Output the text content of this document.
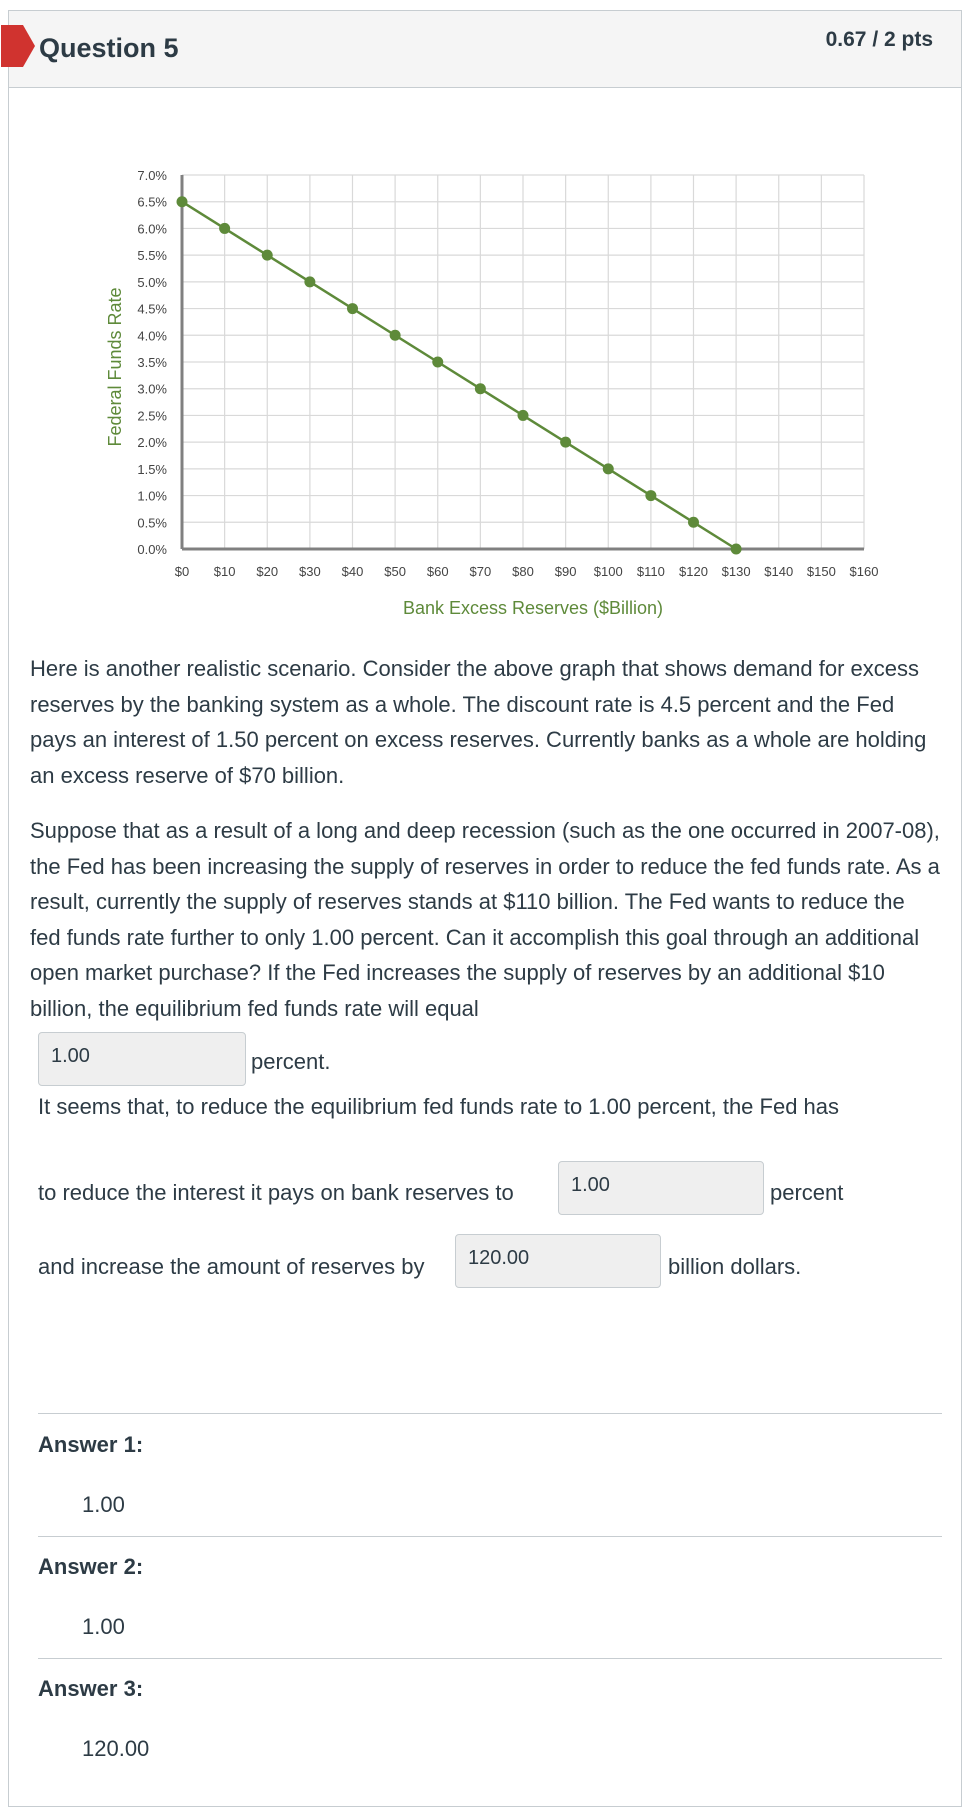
Question 5	0.67 / 2 pts
0.0%
0.5%
1.0%
1.5%
2.0%
2.5%
3.0%
3.5%
4.0%
4.5%
5.0%
5.5%
6.0%
6.5%
7.0%
$0 $10 $20 $30 $40 $50 $60 $70 $80 $90 $100 $110 $120 $130 $140 $150 $160
Bank Excess Reserves ($Billion)
Federal Funds Rate

Here is another realistic scenario. Consider the above graph that shows demand for excess reserves by the banking system as a whole. The discount rate is 4.5 percent and the Fed pays an interest of 1.50 percent on excess reserves. Currently banks as a whole are holding an excess reserve of $70 billion.

Suppose that as a result of a long and deep recession (such as the one occurred in 2007-08), the Fed has been increasing the supply of reserves in order to reduce the fed funds rate. As a result, currently the supply of reserves stands at $110 billion. The Fed wants to reduce the fed funds rate further to only 1.00 percent. Can it accomplish this goal through an additional open market purchase? If the Fed increases the supply of reserves by an additional $10 billion, the equilibrium fed funds rate will equal

1.00	percent.
It seems that, to reduce the equilibrium fed funds rate to 1.00 percent, the Fed has
to reduce the interest it pays on bank reserves to	1.00	percent
and increase the amount of reserves by	120.00	billion dollars.
Answer 1:
1.00
Answer 2:
1.00
Answer 3:
120.00
